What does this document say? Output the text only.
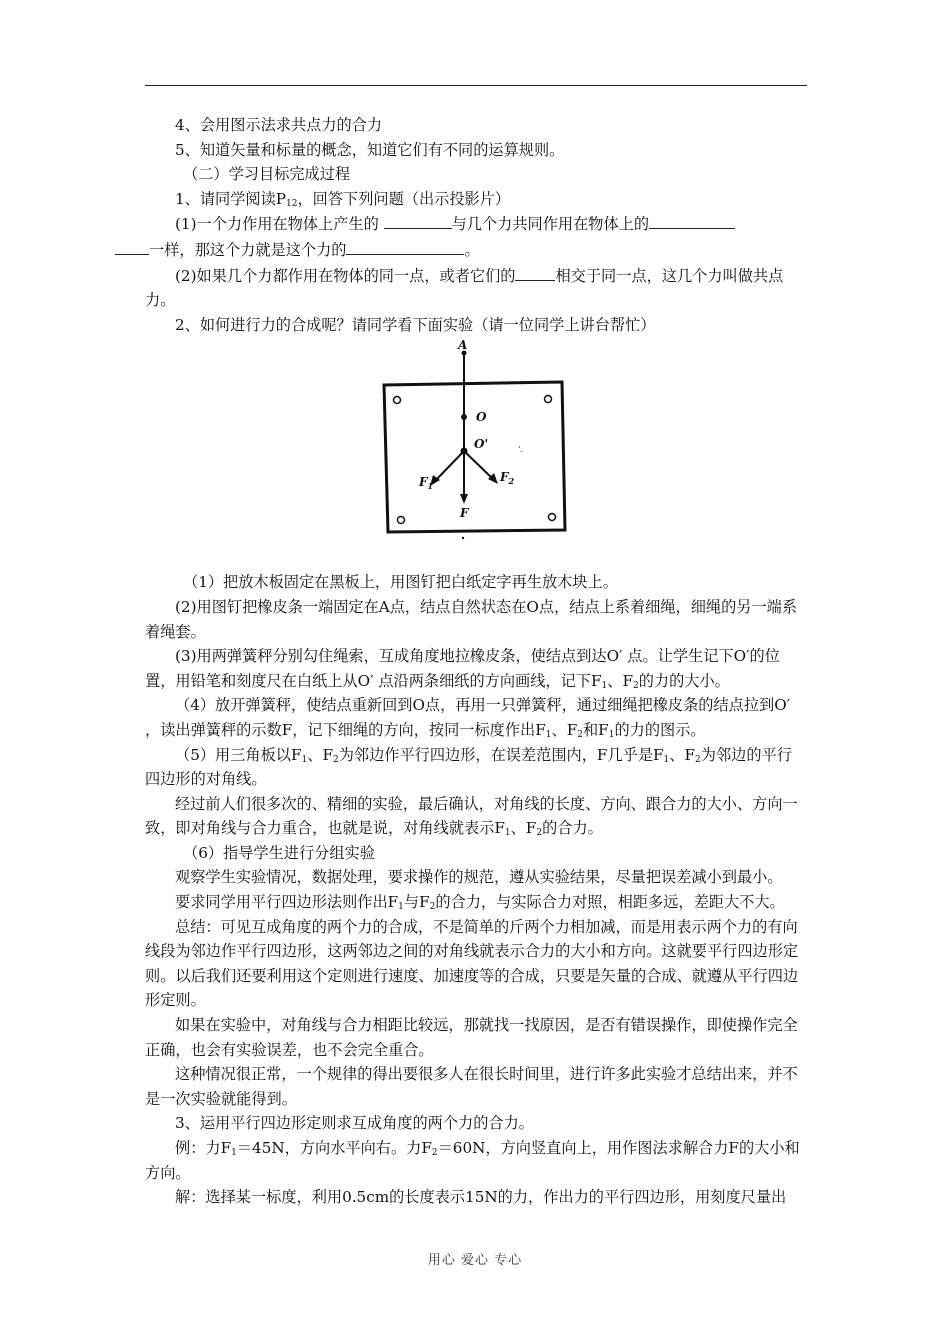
4、会用图示法求共点力的合力

5、知道矢量和标量的概念，知道它们有不同的运算规则。

（二）学习目标完成过程

1、请同学阅读$P_{12}$，回答下列问题（出示投影片）

(1)一个力作用在物体上产生的	与几个力共同作用在物体上的
一样，那这个力就是这个力的	。

(2)如果几个力都作用在物体的同一点，或者它们的	相交于同一点，这几个力叫做共点力。

2、如何进行力的合成呢？请同学看下面实验（请一位同学上讲台帮忙）

‘.
A
O
O'
$F_1$
$F_2$
F

（1）把放木板固定在黑板上，用图钉把白纸定字再生放木块上。

(2)用图钉把橡皮条一端固定在A点，结点自然状态在O点，结点上系着细绳，细绳的另一端系着绳套。

(3)用两弹簧秤分别勾住绳索，互成角度地拉橡皮条，使结点到达O′ 点。让学生记下O′的位置，用铅笔和刻度尺在白纸上从O′ 点沿两条细纸的方向画线，记下$F_1$、$F_2$的力的大小。

（4）放开弹簧秤，使结点重新回到O点，再用一只弹簧秤，通过细绳把橡皮条的结点拉到O′ ，读出弹簧秤的示数F，记下细绳的方向，按同一标度作出$F_1$、$F_2$和$F_1$的力的图示。

（5）用三角板以$F_1$、$F_2$为邻边作平行四边形，在误差范围内，F几乎是$F_1$、$F_2$为邻边的平行四边形的对角线。

经过前人们很多次的、精细的实验，最后确认，对角线的长度、方向、跟合力的大小、方向一致，即对角线与合力重合，也就是说，对角线就表示$F_1$、$F_2$的合力。

（6）指导学生进行分组实验

观察学生实验情况，数据处理，要求操作的规范，遵从实验结果，尽量把误差减小到最小。

要求同学用平行四边形法则作出$F_1$与$F_2$的合力，与实际合力对照，相距多远，差距大不大。

总结：可见互成角度的两个力的合成，不是简单的斤两个力相加减，而是用表示两个力的有向线段为邻边作平行四边形，这两邻边之间的对角线就表示合力的大小和方向。这就要平行四边形定则。以后我们还要利用这个定则进行速度、加速度等的合成，只要是矢量的合成、就遵从平行四边形定则。

如果在实验中，对角线与合力相距比较远，那就找一找原因，是否有错误操作，即使操作完全正确，也会有实验误差，也不会完全重合。

这种情况很正常，一个规律的得出要很多人在很长时间里，进行许多此实验才总结出来，并不是一次实验就能得到。

3、运用平行四边形定则求互成角度的两个力的合力。

例：力$F_1=45N$，方向水平向右。力$F_2=60N$，方向竖直向上，用作图法求解合力F的大小和方向。

解：选择某一标度，利用0.5cm的长度表示15N的力，作出力的平行四边形，用刻度尺量出

用心 爱心 专心
